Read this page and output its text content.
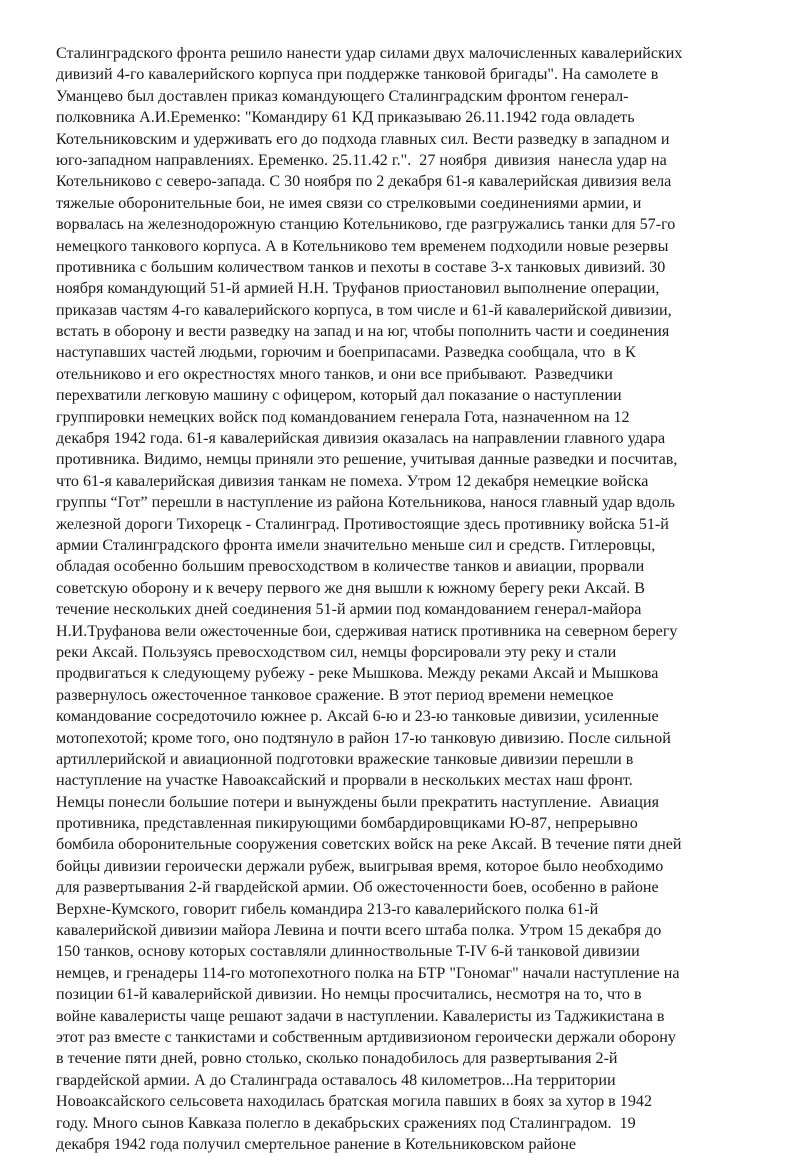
Сталинградского фронта решило нанести удар силами двух малочисленных кавалерийских
дивизий 4-го кавалерийского корпуса при поддержке танковой бригады". На самолете в
Уманцево был доставлен приказ командующего Сталинградским фронтом генерал-
полковника А.И.Еременко: "Командиру 61 КД приказываю 26.11.1942 года овладеть
Котельниковским и удерживать его до подхода главных сил. Вести разведку в западном и
юго-западном направлениях. Еременко. 25.11.42 г.".  27 ноября  дивизия  нанесла удар на
Котельниково с северо-запада. С 30 ноября по 2 декабря 61-я кавалерийская дивизия вела
тяжелые оборонительные бои, не имея связи со стрелковыми соединениями армии, и
ворвалась на железнодорожную станцию Котельниково, где разгружались танки для 57-го
немецкого танкового корпуса. А в Котельниково тем временем подходили новые резервы
противника с большим количеством танков и пехоты в составе 3-х танковых дивизий. 30
ноября командующий 51-й армией Н.Н. Труфанов приостановил выполнение операции,
приказав частям 4-го кавалерийского корпуса, в том числе и 61-й кавалерийской дивизии,
встать в оборону и вести разведку на запад и на юг, чтобы пополнить части и соединения
наступавших частей людьми, горючим и боеприпасами. Разведка сообщала, что  в К
отельниково и его окрестностях много танков, и они все прибывают.  Разведчики
перехватили легковую машину с офицером, который дал показание о наступлении
группировки немецких войск под командованием генерала Гота, назначенном на 12
декабря 1942 года. 61-я кавалерийская дивизия оказалась на направлении главного удара
противника. Видимо, немцы приняли это решение, учитывая данные разведки и посчитав,
что 61-я кавалерийская дивизия танкам не помеха. Утром 12 декабря немецкие войска
группы “Гот” перешли в наступление из района Котельникова, нанося главный удар вдоль
железной дороги Тихорецк - Сталинград. Противостоящие здесь противнику войска 51-й
армии Сталинградского фронта имели значительно меньше сил и средств. Гитлеровцы,
обладая особенно большим превосходством в количестве танков и авиации, прорвали
советскую оборону и к вечеру первого же дня вышли к южному берегу реки Аксай. В
течение нескольких дней соединения 51-й армии под командованием генерал-майора
Н.И.Труфанова вели ожесточенные бои, сдерживая натиск противника на северном берегу
реки Аксай. Пользуясь превосходством сил, немцы форсировали эту реку и стали
продвигаться к следующему рубежу - реке Мышкова. Между реками Аксай и Мышкова
развернулось ожесточенное танковое сражение. В этот период времени немецкое
командование сосредоточило южнее р. Аксай 6-ю и 23-ю танковые дивизии, усиленные
мотопехотой; кроме того, оно подтянуло в район 17-ю танковую дивизию. После сильной
артиллерийской и авиационной подготовки вражеские танковые дивизии перешли в
наступление на участке Навоаксайский и прорвали в нескольких местах наш фронт.
Немцы понесли большие потери и вынуждены были прекратить наступление.  Авиация
противника, представленная пикирующими бомбардировщиками Ю-87, непрерывно
бомбила оборонительные сооружения советских войск на реке Аксай. В течение пяти дней
бойцы дивизии героически держали рубеж, выигрывая время, которое было необходимо
для развертывания 2-й гвардейской армии. Об ожесточенности боев, особенно в районе
Верхне-Кумского, говорит гибель командира 213-го кавалерийского полка 61-й
кавалерийской дивизии майора Левина и почти всего штаба полка. Утром 15 декабря до
150 танков, основу которых составляли длинноствольные T-IV 6-й танковой дивизии
немцев, и гренадеры 114-го мотопехотного полка на БТР "Гономаг" начали наступление на
позиции 61-й кавалерийской дивизии. Но немцы просчитались, несмотря на то, что в
войне кавалеристы чаще решают задачи в наступлении. Кавалеристы из Таджикистана в
этот раз вместе с танкистами и собственным артдивизионом героически держали оборону
в течение пяти дней, ровно столько, сколько понадобилось для развертывания 2-й
гвардейской армии. А до Сталинграда оставалось 48 километров...На территории
Новоаксайского сельсовета находилась братская могила павших в боях за хутор в 1942
году. Много сынов Кавказа полегло в декабрьских сражениях под Сталинградом.  19
декабря 1942 года получил смертельное ранение в Котельниковском районе
